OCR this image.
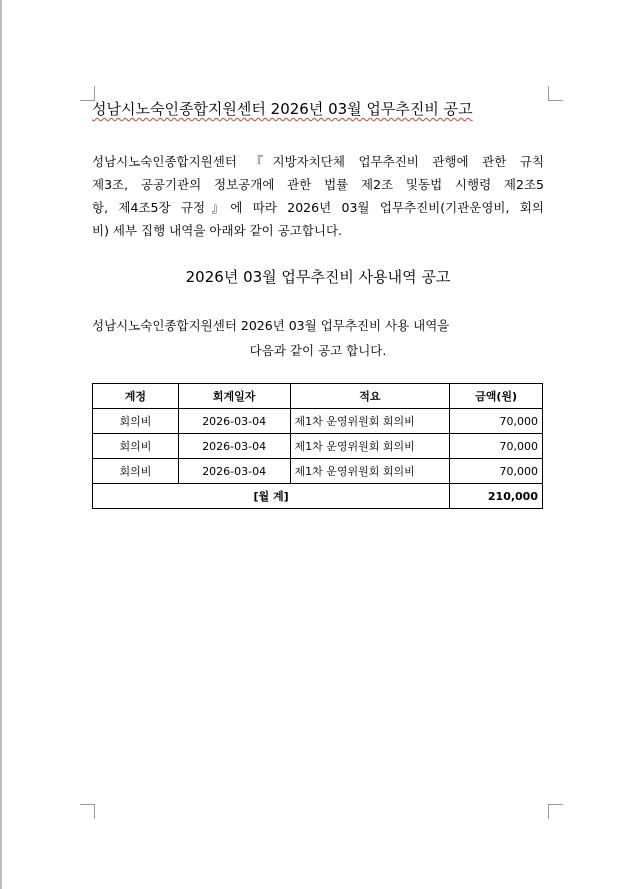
성남시노숙인종합지원센터 2026년 03월 업무추진비 공고
성남시노숙인종합지원센터 『지방자치단체 업무추진비 관행에 관한 규칙
제3조, 공공기관의 정보공개에 관한 법률 제2조 및동법 시행령 제2조5
항, 제4조5장 규정』에 따라 2026년 03월 업무추진비(기관운영비, 회의
비) 세부 집행 내역을 아래와 같이 공고합니다.
2026년 03월 업무추진비 사용내역 공고
성남시노숙인종합지원센터 2026년 03월 업무추진비 사용 내역을
다음과 같이 공고 합니다.
계정	회계일자	적요	금액(원)
회의비	2026-03-04	제1차 운영위원회 회의비	70,000
회의비	2026-03-04	제1차 운영위원회 회의비	70,000
회의비	2026-03-04	제1차 운영위원회 회의비	70,000
[월 계]			210,000
